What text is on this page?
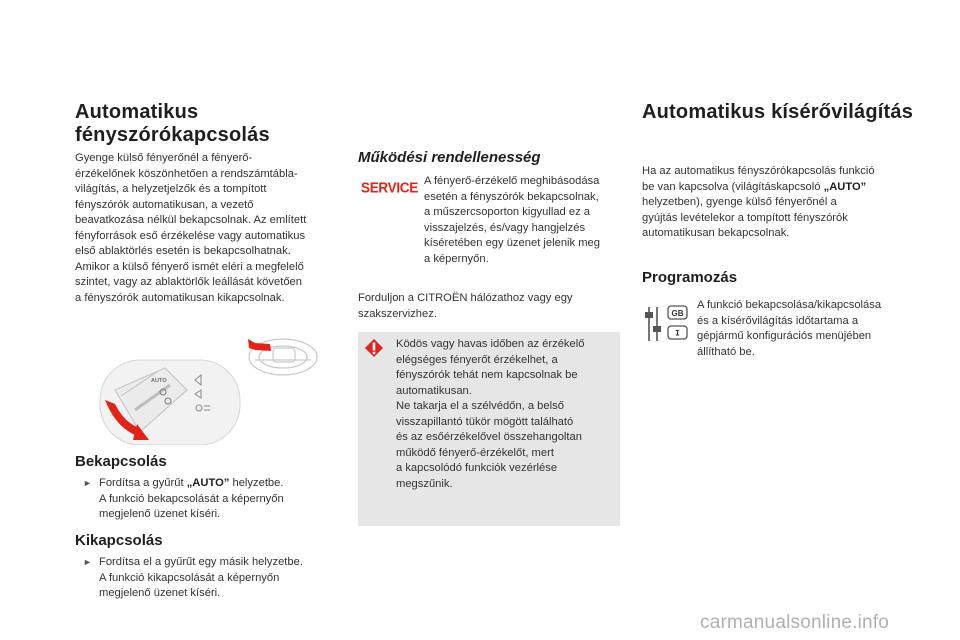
Automatikus
fényszórókapcsolás
Gyenge külső fényerőnél a fényerő-
érzékelőnek köszönhetően a rendszámtábla-
világítás, a helyzetjelzők és a tompított
fényszórók automatikusan, a vezető
beavatkozása nélkül bekapcsolnak. Az említett
fényforrások eső érzékelése vagy automatikus
első ablaktörlés esetén is bekapcsolhatnak.
Amikor a külső fényerő ismét eléri a megfelelő
szintet, vagy az ablaktörlők leállását követően
a fényszórók automatikusan kikapcsolnak.
AUTO
Bekapcsolás
► Fordítsa a gyűrűt „AUTO” helyzetbe.
A funkció bekapcsolását a képernyőn
megjelenő üzenet kíséri.
Kikapcsolás
► Fordítsa el a gyűrűt egy másik helyzetbe.
A funkció kikapcsolását a képernyőn
megjelenő üzenet kíséri.
Működési rendellenesség
SERVICE A fényerő-érzékelő meghibásodása
esetén a fényszórók bekapcsolnak,
a műszercsoporton kigyullad ez a
visszajelzés, és/vagy hangjelzés
kíséretében egy üzenet jelenik meg
a képernyőn.
Forduljon a CITROËN hálózathoz vagy egy
szakszervizhez.
Ködös vagy havas időben az érzékelő
elégséges fényerőt érzékelhet, a
fényszórók tehát nem kapcsolnak be
automatikusan.
Ne takarja el a szélvédőn, a belső
visszapillantó tükör mögött található
és az esőérzékelővel összehangoltan
működő fényerő-érzékelőt, mert
a kapcsolódó funkciók vezérlése
megszűnik.
Automatikus kísérővilágítás
Ha az automatikus fényszórókapcsolás funkció
be van kapcsolva (világításkapcsoló „AUTO”
helyzetben), gyenge külső fényerőnél a
gyújtás levételekor a tompított fényszórók
automatikusan bekapcsolnak.
Programozás
GB
I
A funkció bekapcsolása/kikapcsolása
és a kísérővilágítás időtartama a
gépjármű konfigurációs menüjében
állítható be.
carmanualsonline.info
